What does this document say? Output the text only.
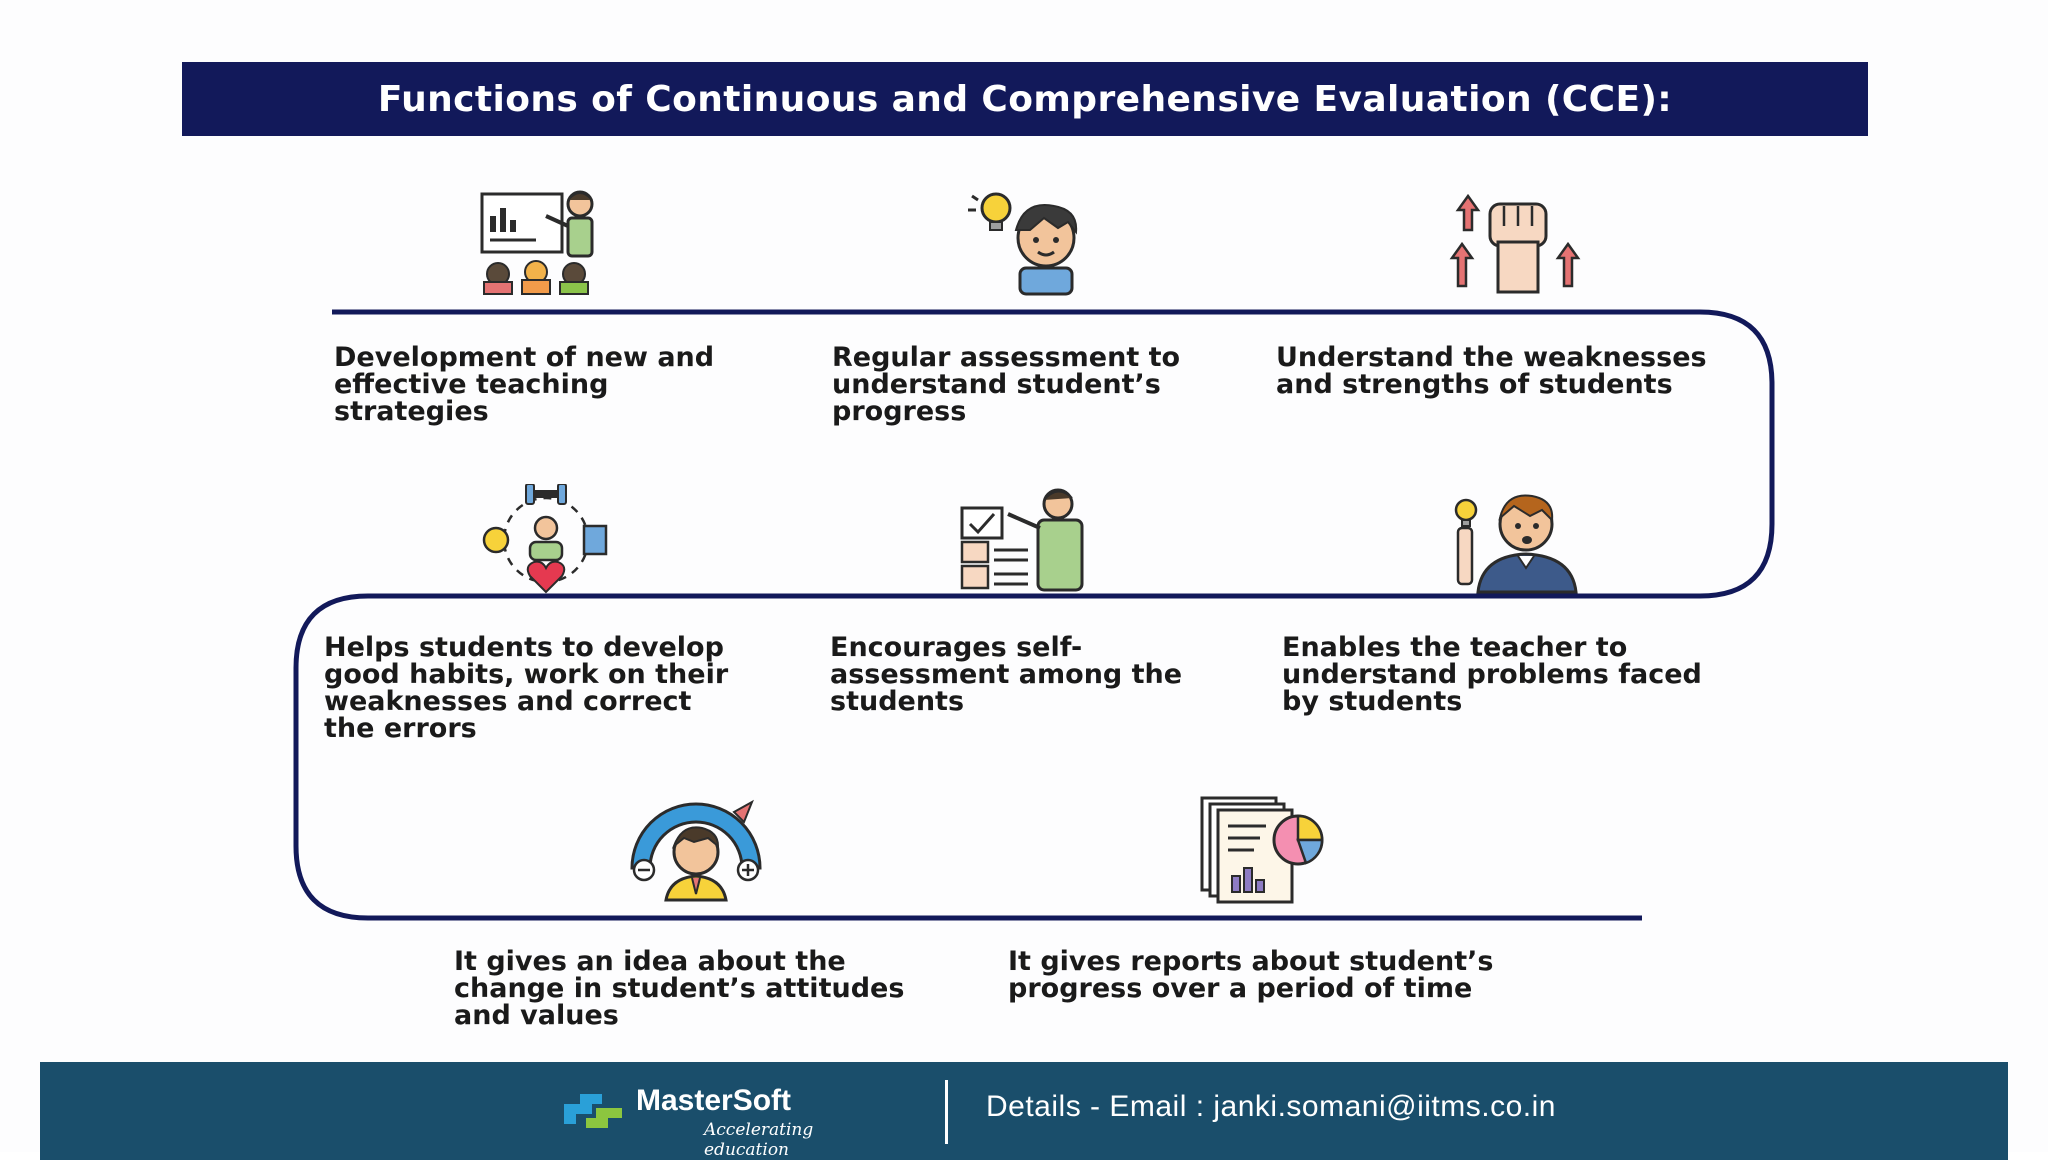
Functions of Continuous and Comprehensive Evaluation (CCE):
Development of new and
effective teaching
strategies
Regular assessment to
understand student’s
progress
Understand the weaknesses
and strengths of students
Helps students to develop
good habits, work on their
weaknesses and correct
the errors
Encourages self-
assessment among the
students
Enables the teacher to
understand problems faced
by students
It gives an idea about the
change in student’s attitudes
and values
It gives reports about student’s
progress over a period of time
MasterSoft
Accelerating education
Details - Email : janki.somani@iitms.co.in
